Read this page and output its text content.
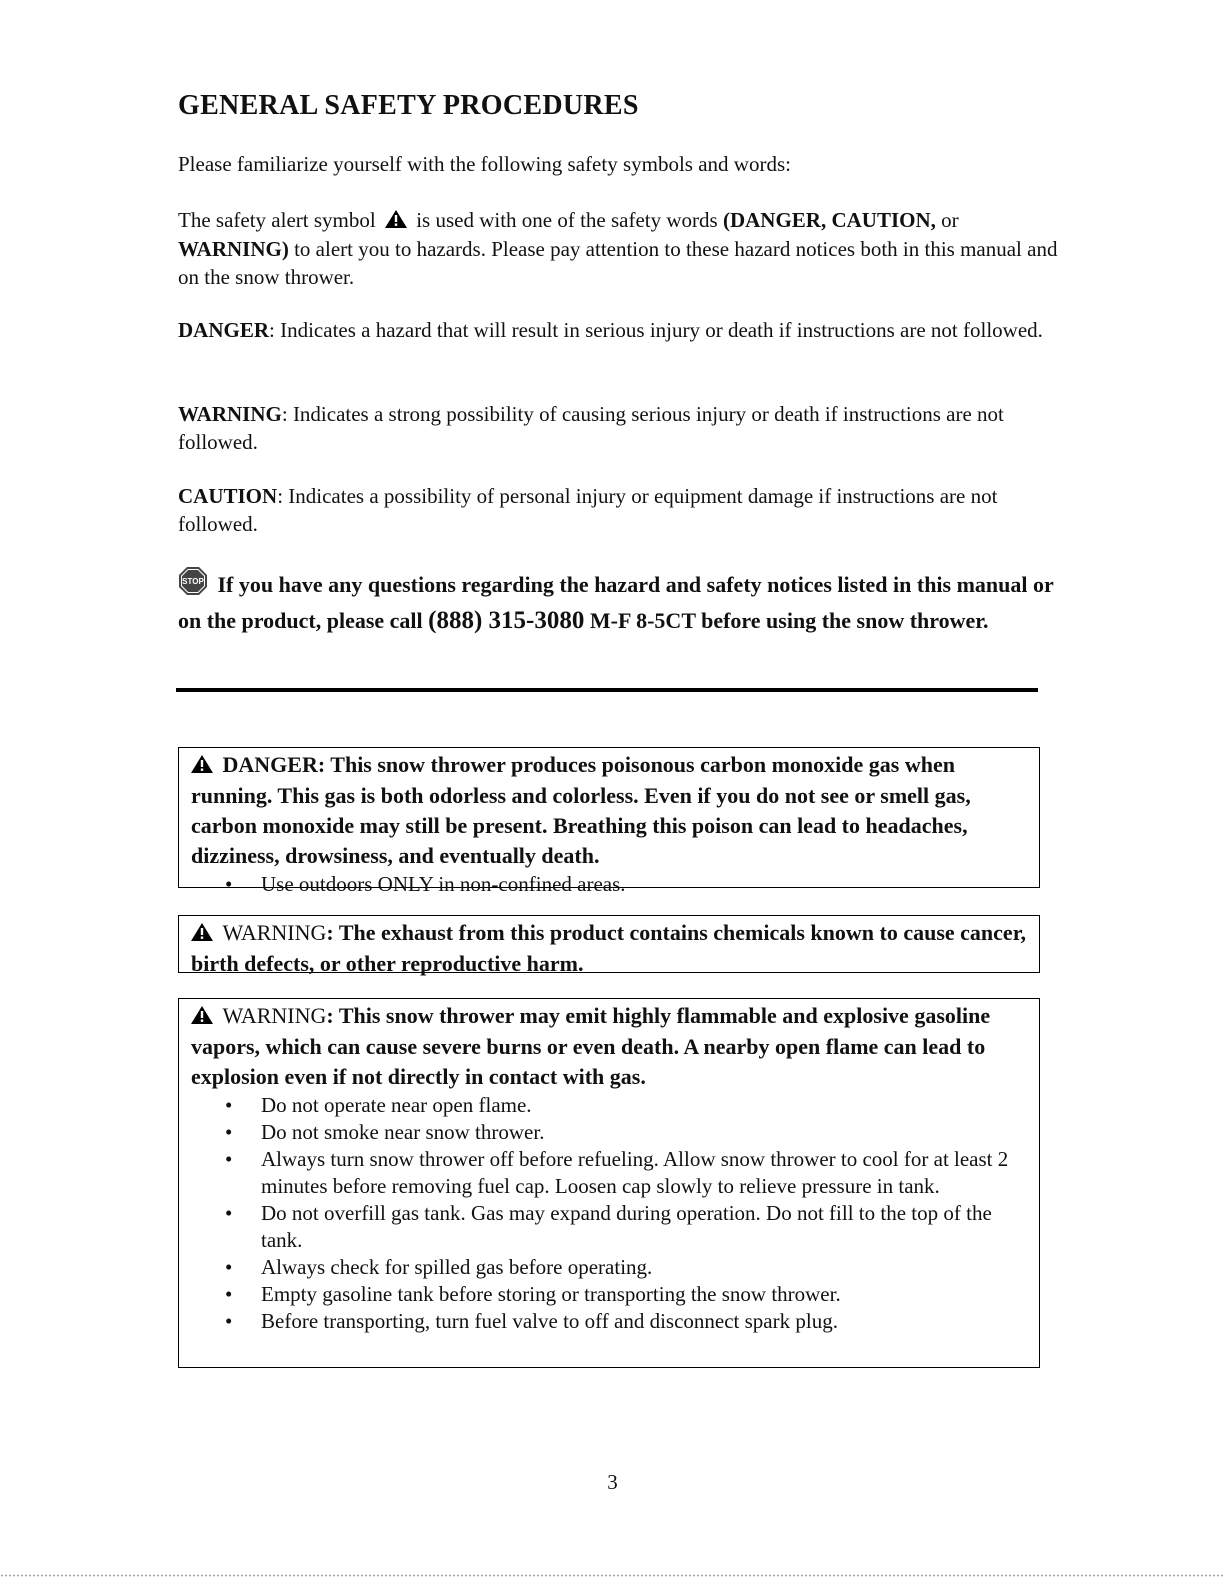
GENERAL SAFETY PROCEDURES
Please familiarize yourself with the following safety symbols and words:
The safety alert symbol is used with one of the safety words (DANGER, CAUTION, or WARNING) to alert you to hazards. Please pay attention to these hazard notices both in this manual and on the snow thrower.
DANGER: Indicates a hazard that will result in serious injury or death if instructions are not followed.
WARNING: Indicates a strong possibility of causing serious injury or death if instructions are not followed.
CAUTION: Indicates a possibility of personal injury or equipment damage if instructions are not followed.
STOP If you have any questions regarding the hazard and safety notices listed in this manual or on the product, please call (888) 315-3080 M-F 8-5CT before using the snow thrower.
DANGER: This snow thrower produces poisonous carbon monoxide gas when running. This gas is both odorless and colorless. Even if you do not see or smell gas, carbon monoxide may still be present. Breathing this poison can lead to headaches, dizziness, drowsiness, and eventually death.
• Use outdoors ONLY in non-confined areas.
WARNING: The exhaust from this product contains chemicals known to cause cancer, birth defects, or other reproductive harm.
WARNING: This snow thrower may emit highly flammable and explosive gasoline vapors, which can cause severe burns or even death. A nearby open flame can lead to explosion even if not directly in contact with gas.
• Do not operate near open flame.
• Do not smoke near snow thrower.
• Always turn snow thrower off before refueling. Allow snow thrower to cool for at least 2 minutes before removing fuel cap. Loosen cap slowly to relieve pressure in tank.
• Do not overfill gas tank. Gas may expand during operation. Do not fill to the top of the tank.
• Always check for spilled gas before operating.
• Empty gasoline tank before storing or transporting the snow thrower.
• Before transporting, turn fuel valve to off and disconnect spark plug.
3
